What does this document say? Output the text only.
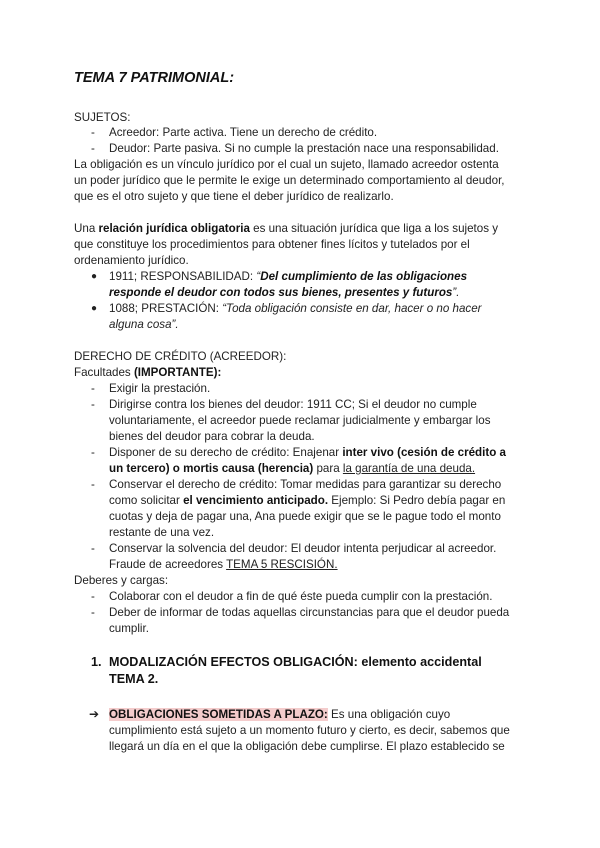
TEMA 7 PATRIMONIAL:
SUJETOS:
- Acreedor: Parte activa. Tiene un derecho de crédito.
- Deudor: Parte pasiva. Si no cumple la prestación nace una responsabilidad.
La obligación es un vínculo jurídico por el cual un sujeto, llamado acreedor ostenta
un poder jurídico que le permite le exige un determinado comportamiento al deudor,
que es el otro sujeto y que tiene el deber jurídico de realizarlo.
Una relación jurídica obligatoria es una situación jurídica que liga a los sujetos y
que constituye los procedimientos para obtener fines lícitos y tutelados por el
ordenamiento jurídico.
● 1911; RESPONSABILIDAD: “Del cumplimiento de las obligaciones
responde el deudor con todos sus bienes, presentes y futuros”.
● 1088; PRESTACIÓN: “Toda obligación consiste en dar, hacer o no hacer
alguna cosa”.
DERECHO DE CRÉDITO (ACREEDOR):
Facultades (IMPORTANTE):
- Exigir la prestación.
- Dirigirse contra los bienes del deudor: 1911 CC; Si el deudor no cumple
voluntariamente, el acreedor puede reclamar judicialmente y embargar los
bienes del deudor para cobrar la deuda.
- Disponer de su derecho de crédito: Enajenar inter vivo (cesión de crédito a
un tercero) o mortis causa (herencia) para la garantía de una deuda.
- Conservar el derecho de crédito: Tomar medidas para garantizar su derecho
como solicitar el vencimiento anticipado. Ejemplo: Si Pedro debía pagar en
cuotas y deja de pagar una, Ana puede exigir que se le pague todo el monto
restante de una vez.
- Conservar la solvencia del deudor: El deudor intenta perjudicar al acreedor.
Fraude de acreedores TEMA 5 RESCISIÓN.
Deberes y cargas:
- Colaborar con el deudor a fin de qué éste pueda cumplir con la prestación.
- Deber de informar de todas aquellas circunstancias para que el deudor pueda
cumplir.
1. MODALIZACIÓN EFECTOS OBLIGACIÓN: elemento accidental
TEMA 2.
➔ OBLIGACIONES SOMETIDAS A PLAZO: Es una obligación cuyo
cumplimiento está sujeto a un momento futuro y cierto, es decir, sabemos que
llegará un día en el que la obligación debe cumplirse. El plazo establecido se
